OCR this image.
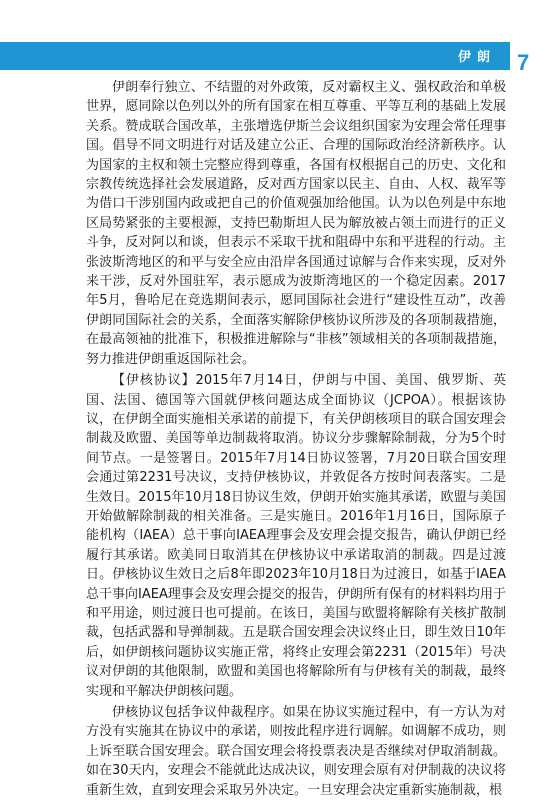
伊朗 7

伊朗奉行独立、不结盟的对外政策，反对霸权主义、强权政治和单极世界，愿同除以色列以外的所有国家在相互尊重、平等互利的基础上发展关系。赞成联合国改革，主张增选伊斯兰会议组织国家为安理会常任理事国。倡导不同文明进行对话及建立公正、合理的国际政治经济新秩序。认为国家的主权和领土完整应得到尊重，各国有权根据自己的历史、文化和宗教传统选择社会发展道路，反对西方国家以民主、自由、人权、裁军等为借口干涉别国内政或把自己的价值观强加给他国。认为以色列是中东地区局势紧张的主要根源，支持巴勒斯坦人民为解放被占领土而进行的正义斗争，反对阿以和谈，但表示不采取干扰和阻碍中东和平进程的行动。主张波斯湾地区的和平与安全应由沿岸各国通过谅解与合作来实现，反对外来干涉，反对外国驻军，表示愿成为波斯湾地区的一个稳定因素。2017年5月，鲁哈尼在竞选期间表示，愿同国际社会进行“建设性互动”，改善伊朗同国际社会的关系，全面落实解除伊核协议所涉及的各项制裁措施，在最高领袖的批准下，积极推进解除与“非核”领域相关的各项制裁措施，努力推进伊朗重返国际社会。

【伊核协议】2015年7月14日，伊朗与中国、美国、俄罗斯、英国、法国、德国等六国就伊核问题达成全面协议（JCPOA）。根据该协议，在伊朗全面实施相关承诺的前提下，有关伊朗核项目的联合国安理会制裁及欧盟、美国等单边制裁将取消。协议分步骤解除制裁，分为5个时间节点。一是签署日。2015年7月14日协议签署，7月20日联合国安理会通过第2231号决议，支持伊核协议，并敦促各方按时间表落实。二是生效日。2015年10月18日协议生效，伊朗开始实施其承诺，欧盟与美国开始做解除制裁的相关准备。三是实施日。2016年1月16日，国际原子能机构（IAEA）总干事向IAEA理事会及安理会提交报告，确认伊朗已经履行其承诺。欧美同日取消其在伊核协议中承诺取消的制裁。四是过渡日。伊核协议生效日之后8年即2023年10月18日为过渡日，如基于IAEA总干事向IAEA理事会及安理会提交的报告，伊朗所有保有的材料料均用于和平用途，则过渡日也可提前。在该日，美国与欧盟将解除有关核扩散制裁，包括武器和导弹制裁。五是联合国安理会决议终止日，即生效日10年后，如伊朗核问题协议实施正常，将终止安理会第2231（2015年）号决议对伊朗的其他限制，欧盟和美国也将解除所有与伊核有关的制裁，最终实现和平解决伊朗核问题。

伊核协议包括争议仲裁程序。如果在协议实施过程中，有一方认为对方没有实施其在协议中的承诺，则按此程序进行调解。如调解不成功，则上诉至联合国安理会。联合国安理会将投票表决是否继续对伊取消制裁。如在30天内，安理会不能就此达成决议，则安理会原有对伊制裁的决议将重新生效，直到安理会采取另外决定。一旦安理会决定重新实施制裁，根
